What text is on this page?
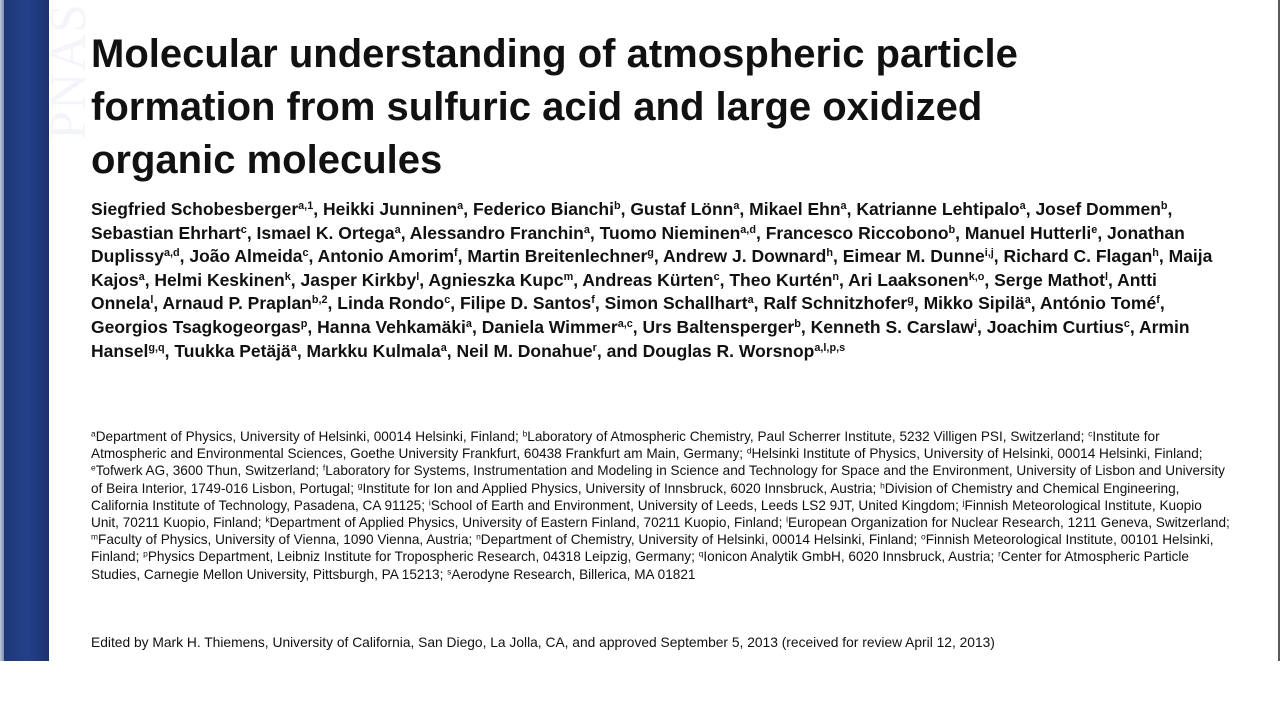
PNAS
Molecular understanding of atmospheric particle formation from sulfuric acid and large oxidized organic molecules

Siegfried Schobesberger$^{a,1}$, Heikki Junninen$^a$, Federico Bianchi$^b$, Gustaf Lönn$^a$, Mikael Ehn$^a$, Katrianne Lehtipalo$^a$, Josef Dommen$^b$, Sebastian Ehrhart$^c$, Ismael K. Ortega$^a$, Alessandro Franchin$^a$, Tuomo Nieminen$^{a,d}$, Francesco Riccobono$^b$, Manuel Hutterli$^e$, Jonathan Duplissy$^{a,d}$, João Almeida$^c$, Antonio Amorim$^f$, Martin Breitenlechner$^g$, Andrew J. Downard$^h$, Eimear M. Dunne$^{i,j}$, Richard C. Flagan$^h$, Maija Kajos$^a$, Helmi Keskinen$^k$, Jasper Kirkby$^l$, Agnieszka Kupc$^m$, Andreas Kürten$^c$, Theo Kurtén$^n$, Ari Laaksonen$^{k,o}$, Serge Mathot$^l$, Antti Onnela$^l$, Arnaud P. Praplan$^{b,2}$, Linda Rondo$^c$, Filipe D. Santos$^f$, Simon Schallhart$^a$, Ralf Schnitzhofer$^g$, Mikko Sipilä$^a$, António Tomé$^f$, Georgios Tsagkogeorgas$^p$, Hanna Vehkamäki$^a$, Daniela Wimmer$^{a,c}$, Urs Baltensperger$^b$, Kenneth S. Carslaw$^i$, Joachim Curtius$^c$, Armin Hansel$^{g,q}$, Tuukka Petäjä$^a$, Markku Kulmala$^a$, Neil M. Donahue$^r$, and Douglas R. Worsnop$^{a,l,p,s}$

$^a$Department of Physics, University of Helsinki, 00014 Helsinki, Finland; $^b$Laboratory of Atmospheric Chemistry, Paul Scherrer Institute, 5232 Villigen PSI, Switzerland; $^c$Institute for Atmospheric and Environmental Sciences, Goethe University Frankfurt, 60438 Frankfurt am Main, Germany; $^d$Helsinki Institute of Physics, University of Helsinki, 00014 Helsinki, Finland; $^e$Tofwerk AG, 3600 Thun, Switzerland; $^f$Laboratory for Systems, Instrumentation and Modeling in Science and Technology for Space and the Environment, University of Lisbon and University of Beira Interior, 1749-016 Lisbon, Portugal; $^g$Institute for Ion and Applied Physics, University of Innsbruck, 6020 Innsbruck, Austria; $^h$Division of Chemistry and Chemical Engineering, California Institute of Technology, Pasadena, CA 91125; $^i$School of Earth and Environment, University of Leeds, Leeds LS2 9JT, United Kingdom; $^j$Finnish Meteorological Institute, Kuopio Unit, 70211 Kuopio, Finland; $^k$Department of Applied Physics, University of Eastern Finland, 70211 Kuopio, Finland; $^l$European Organization for Nuclear Research, 1211 Geneva, Switzerland; $^m$Faculty of Physics, University of Vienna, 1090 Vienna, Austria; $^n$Department of Chemistry, University of Helsinki, 00014 Helsinki, Finland; $^o$Finnish Meteorological Institute, 00101 Helsinki, Finland; $^p$Physics Department, Leibniz Institute for Tropospheric Research, 04318 Leipzig, Germany; $^q$Ionicon Analytik GmbH, 6020 Innsbruck, Austria; $^r$Center for Atmospheric Particle Studies, Carnegie Mellon University, Pittsburgh, PA 15213; $^s$Aerodyne Research, Billerica, MA 01821

Edited by Mark H. Thiemens, University of California, San Diego, La Jolla, CA, and approved September 5, 2013 (received for review April 12, 2013)
